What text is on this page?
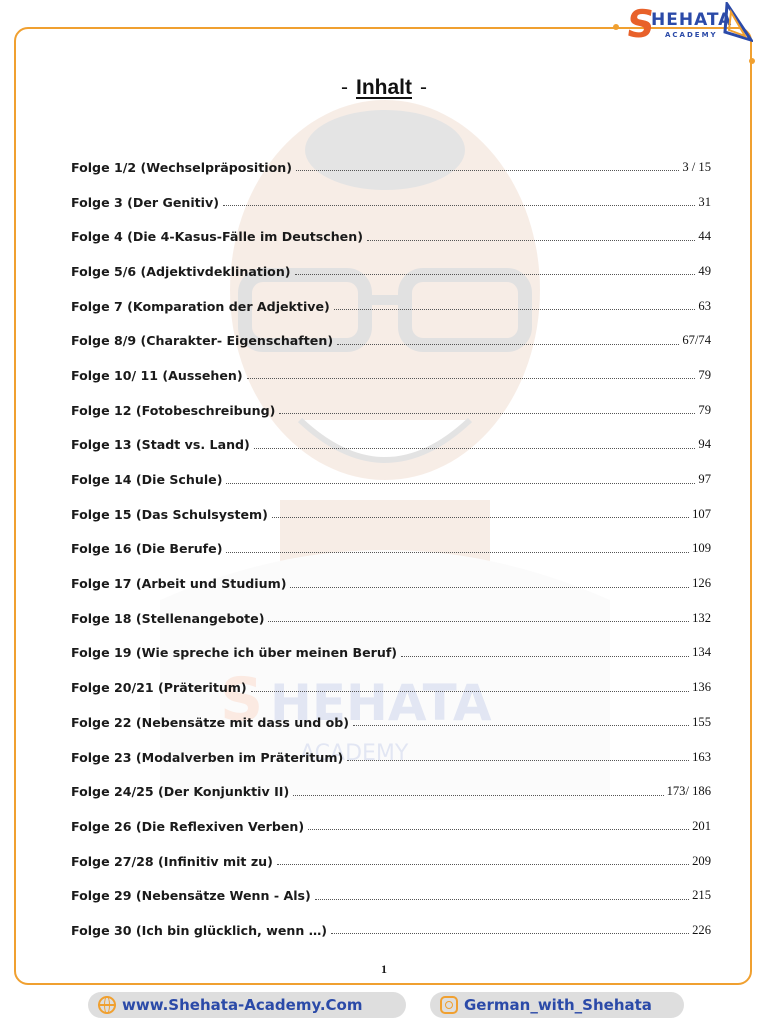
S
HEHATA
ACADEMY
S HEHATA
ACADEMY
- Inhalt -
Folge 1/2 (Wechselpräposition)	3 / 15
Folge 3 (Der Genitiv)	31
Folge 4 (Die 4-Kasus-Fälle im Deutschen)	44
Folge 5/6 (Adjektivdeklination)	49
Folge 7 (Komparation der Adjektive)	63
Folge 8/9 (Charakter- Eigenschaften)	67/74
Folge 10/ 11 (Aussehen)	79
Folge 12 (Fotobeschreibung)	79
Folge 13 (Stadt vs. Land)	94
Folge 14 (Die Schule)	97
Folge 15 (Das Schulsystem)	107
Folge 16 (Die Berufe)	109
Folge 17 (Arbeit und Studium)	126
Folge 18 (Stellenangebote)	132
Folge 19 (Wie spreche ich über meinen Beruf)	134
Folge 20/21 (Präteritum)	136
Folge 22 (Nebensätze mit dass und ob)	155
Folge 23 (Modalverben im Präteritum)	163
Folge 24/25 (Der Konjunktiv II)	173/ 186
Folge 26 (Die Reflexiven Verben)	201
Folge 27/28 (Infinitiv mit zu)	209
Folge 29 (Nebensätze Wenn - Als)	215
Folge 30 (Ich bin glücklich, wenn …)	226
1
www.Shehata-Academy.Com	German_with_Shehata
